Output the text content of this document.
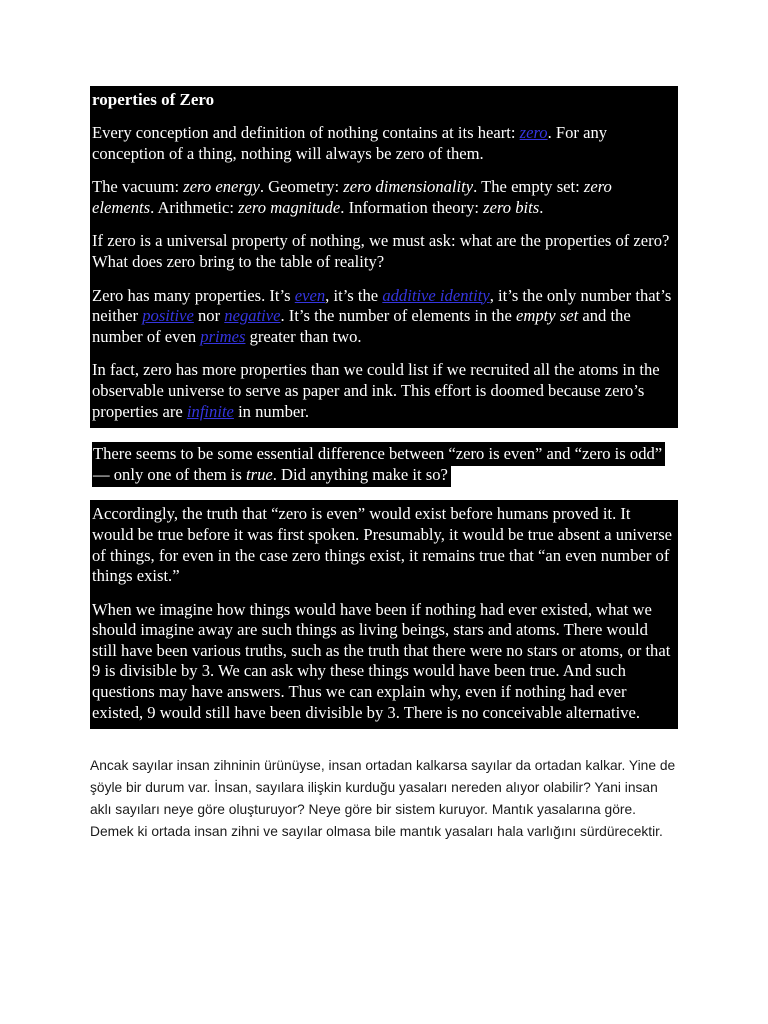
roperties of Zero

Every conception and definition of nothing contains at its heart: zero. For any conception of a thing, nothing will always be zero of them.

The vacuum: zero energy. Geometry: zero dimensionality. The empty set: zero elements. Arithmetic: zero magnitude. Information theory: zero bits.

If zero is a universal property of nothing, we must ask: what are the properties of zero? What does zero bring to the table of reality?

Zero has many properties. It’s even, it’s the additive identity, it’s the only number that’s neither positive nor negative. It’s the number of elements in the empty set and the number of even primes greater than two.

In fact, zero has more properties than we could list if we recruited all the atoms in the observable universe to serve as paper and ink. This effort is doomed because zero’s properties are infinite in number.

There seems to be some essential difference between “zero is even” and “zero is odd” — only one of them is true. Did anything make it so?

Accordingly, the truth that “zero is even” would exist before humans proved it. It would be true before it was first spoken. Presumably, it would be true absent a universe of things, for even in the case zero things exist, it remains true that “an even number of things exist.”

When we imagine how things would have been if nothing had ever existed, what we should imagine away are such things as living beings, stars and atoms. There would still have been various truths, such as the truth that there were no stars or atoms, or that 9 is divisible by 3. We can ask why these things would have been true. And such questions may have answers. Thus we can explain why, even if nothing had ever existed, 9 would still have been divisible by 3. There is no conceivable alternative.

Ancak sayılar insan zihninin ürünüyse, insan ortadan kalkarsa sayılar da ortadan kalkar. Yine de şöyle bir durum var. İnsan, sayılara ilişkin kurduğu yasaları nereden alıyor olabilir? Yani insan aklı sayıları neye göre oluşturuyor? Neye göre bir sistem kuruyor. Mantık yasalarına göre. Demek ki ortada insan zihni ve sayılar olmasa bile mantık yasaları hala varlığını sürdürecektir.
